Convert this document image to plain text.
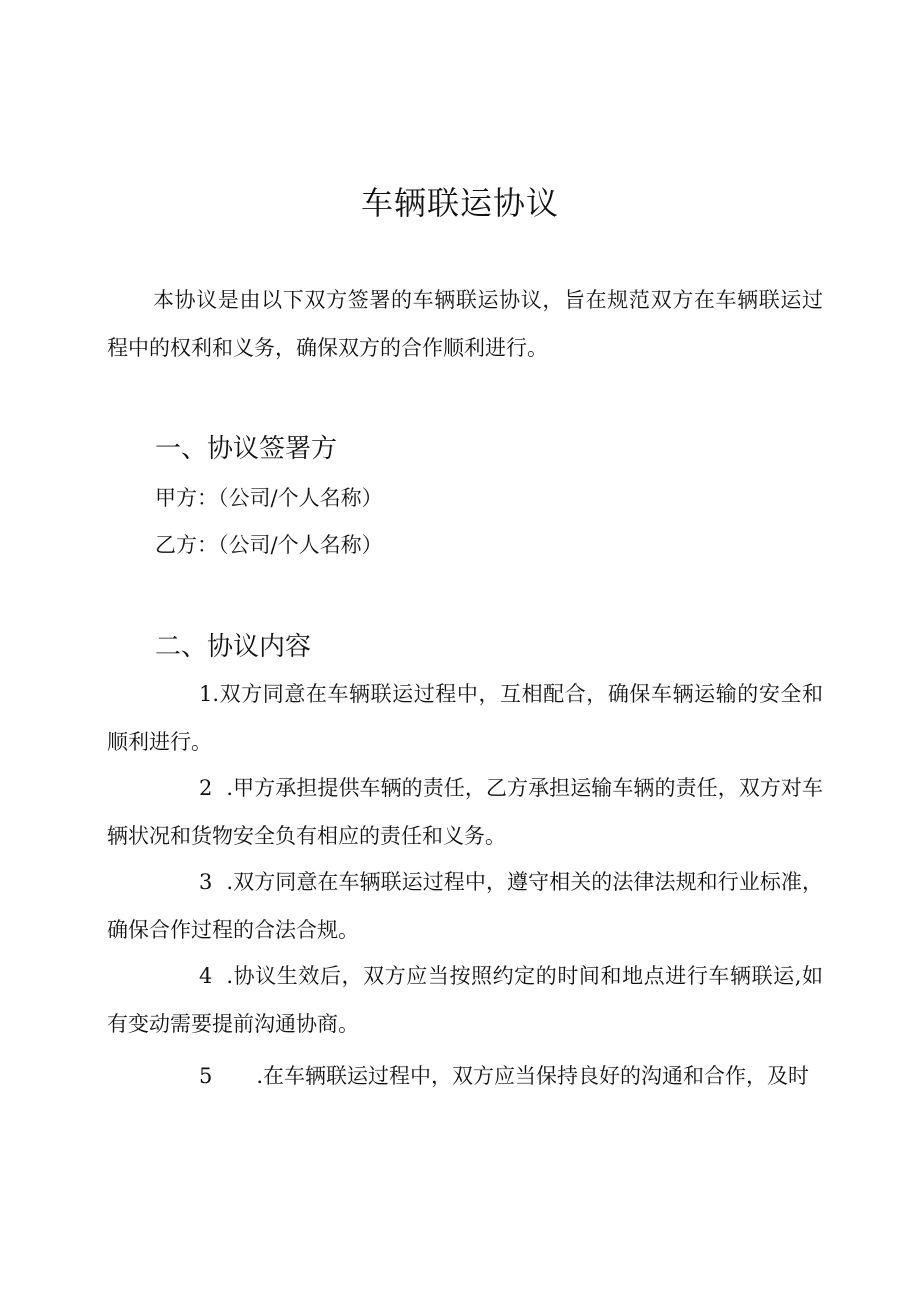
车辆联运协议
本协议是由以下双方签署的车辆联运协议，旨在规范双方在车辆联运过程中的权利和义务，确保双方的合作顺利进行。
一、协议签署方
甲方：（公司/个人名称）
乙方：（公司/个人名称）
二、协议内容
1.双方同意在车辆联运过程中，互相配合，确保车辆运输的安全和顺利进行。
2 .甲方承担提供车辆的责任，乙方承担运输车辆的责任，双方对车辆状况和货物安全负有相应的责任和义务。
3 .双方同意在车辆联运过程中，遵守相关的法律法规和行业标准，确保合作过程的合法合规。
4 .协议生效后，双方应当按照约定的时间和地点进行车辆联运,如有变动需要提前沟通协商。
5 .在车辆联运过程中，双方应当保持良好的沟通和合作，及时
